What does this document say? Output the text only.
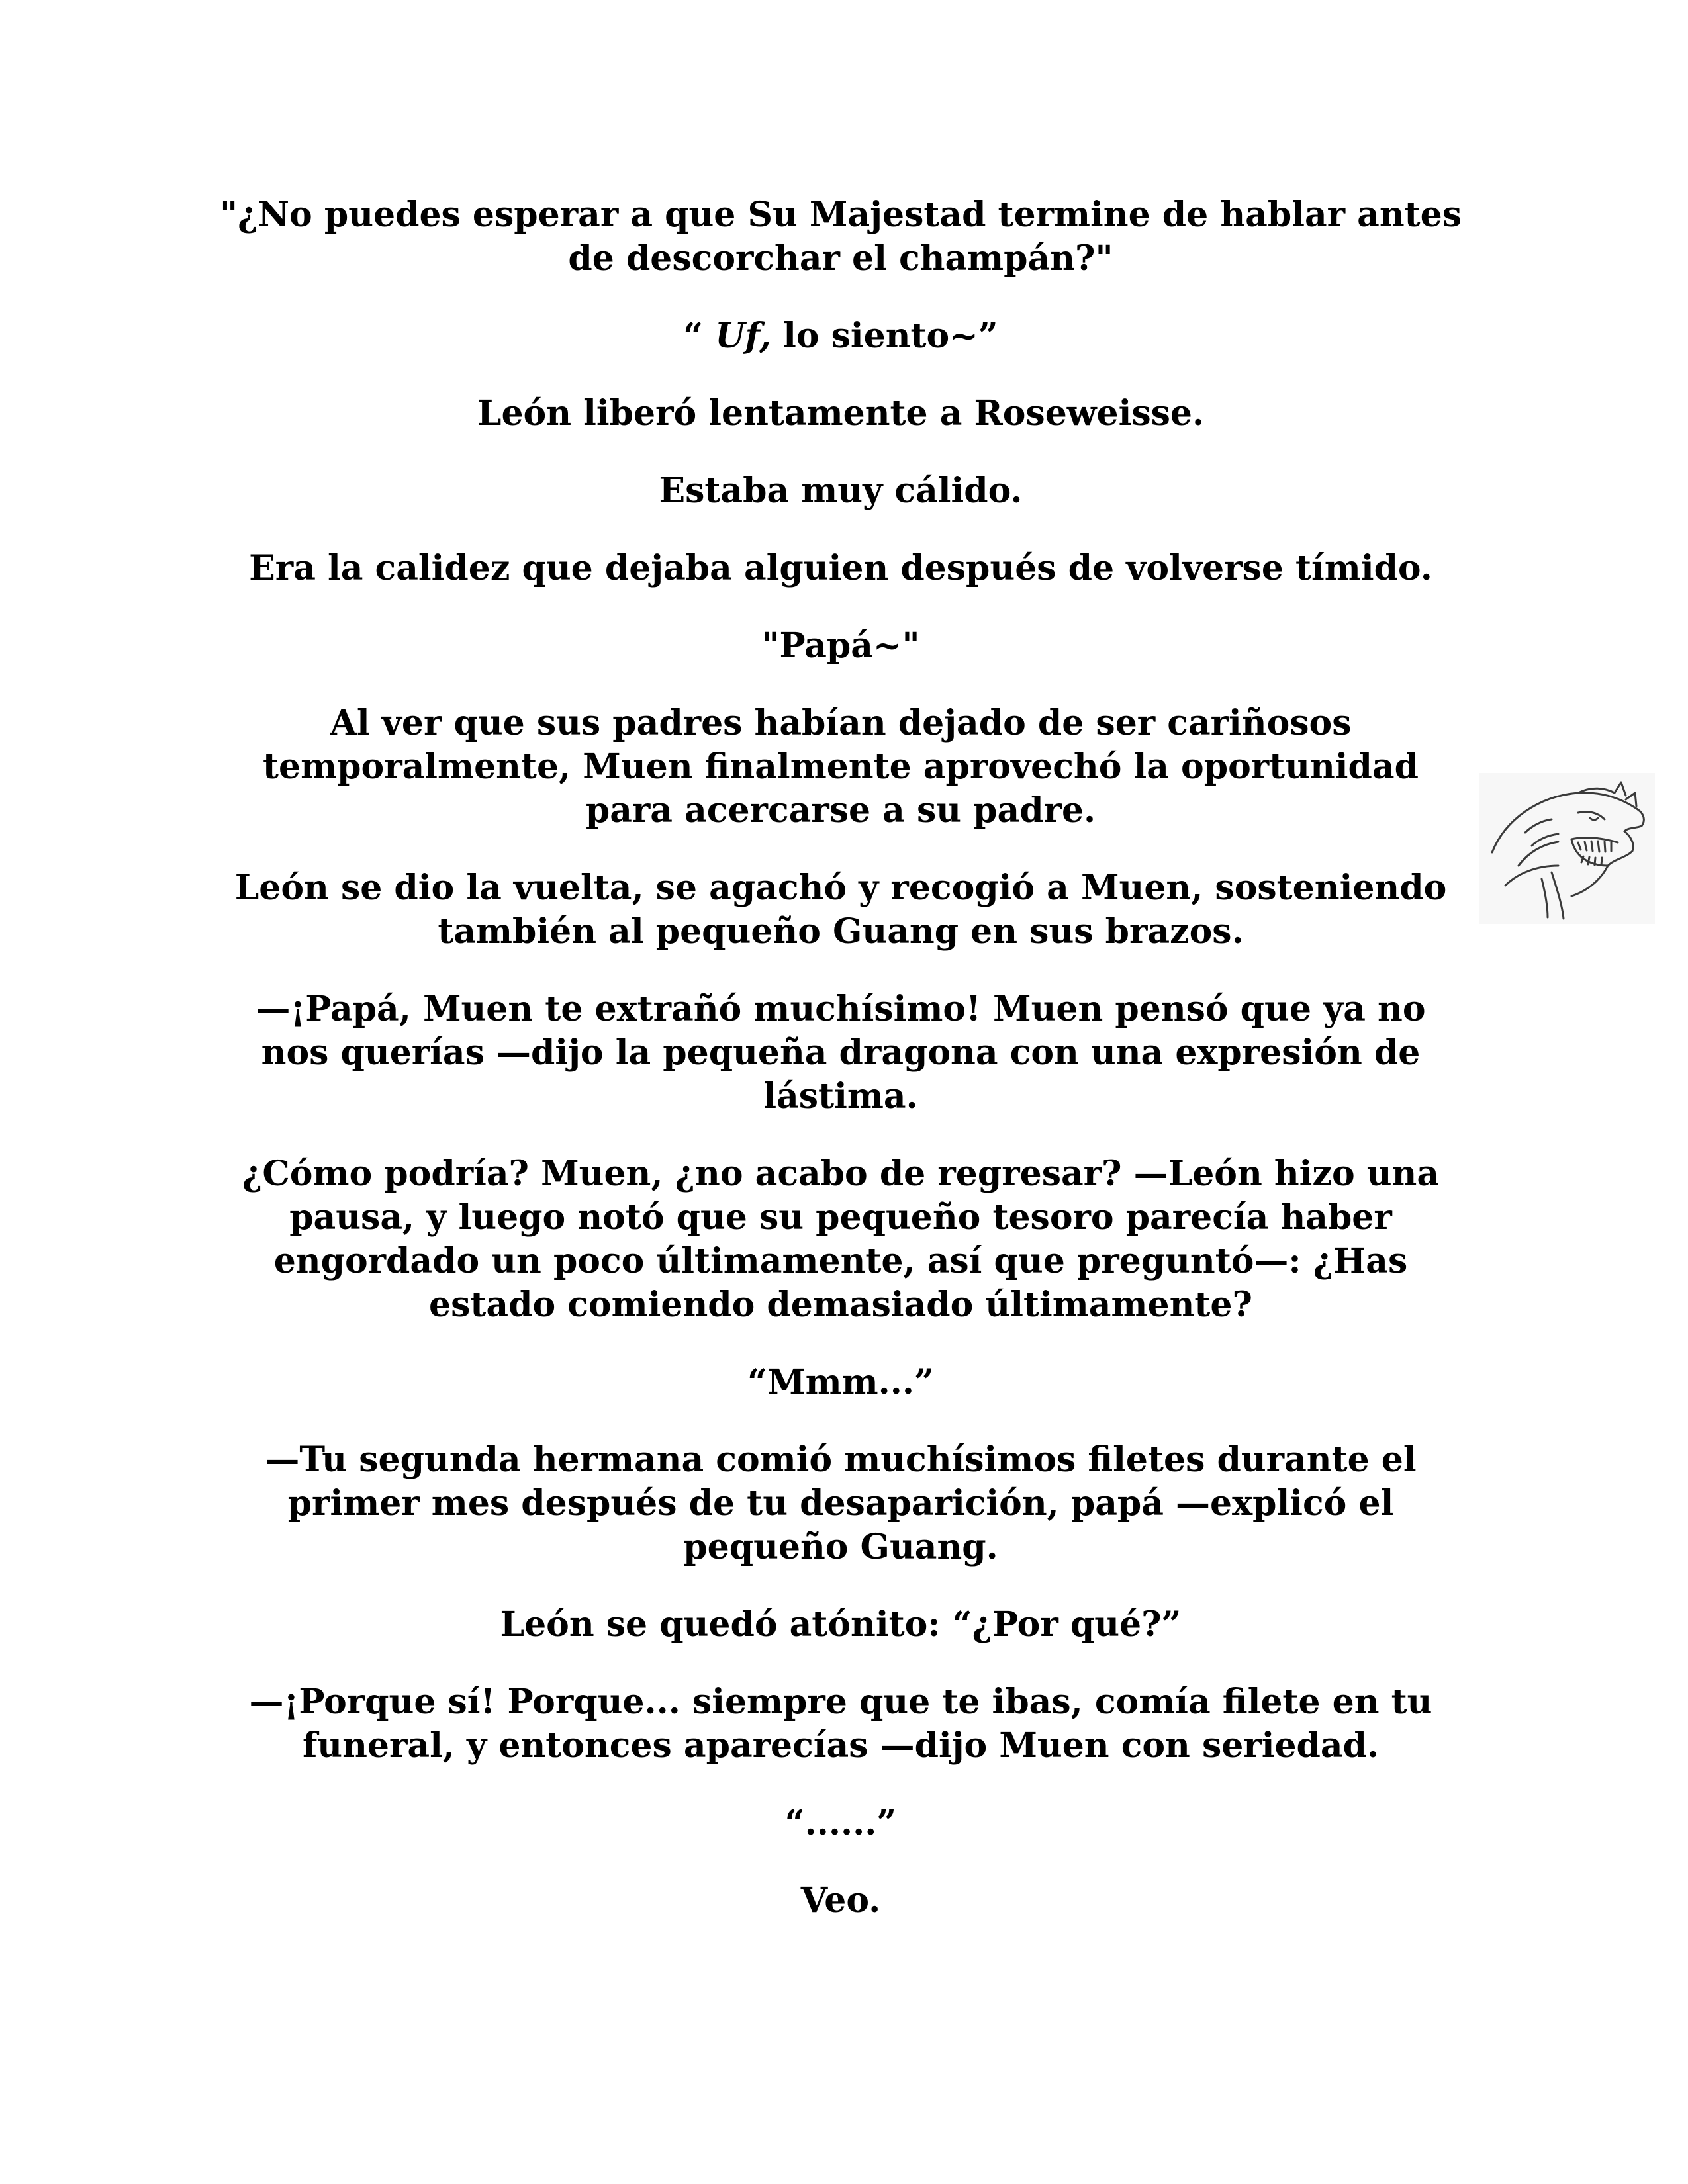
"¿No puedes esperar a que Su Majestad termine de hablar antes de descorchar el champán?"

“ Uf, lo siento~”

León liberó lentamente a Roseweisse.

Estaba muy cálido.

Era la calidez que dejaba alguien después de volverse tímido.

"Papá~"

Al ver que sus padres habían dejado de ser cariñosos temporalmente, Muen finalmente aprovechó la oportunidad para acercarse a su padre.

León se dio la vuelta, se agachó y recogió a Muen, sosteniendo también al pequeño Guang en sus brazos.

—¡Papá, Muen te extrañó muchísimo! Muen pensó que ya no nos querías —dijo la pequeña dragona con una expresión de lástima.

¿Cómo podría? Muen, ¿no acabo de regresar? —León hizo una pausa, y luego notó que su pequeño tesoro parecía haber engordado un poco últimamente, así que preguntó—: ¿Has estado comiendo demasiado últimamente?

“Mmm...”

—Tu segunda hermana comió muchísimos filetes durante el primer mes después de tu desaparición, papá —explicó el pequeño Guang.

León se quedó atónito: “¿Por qué?”

—¡Porque sí! Porque... siempre que te ibas, comía filete en tu funeral, y entonces aparecías —dijo Muen con seriedad.

“......”

Veo.
